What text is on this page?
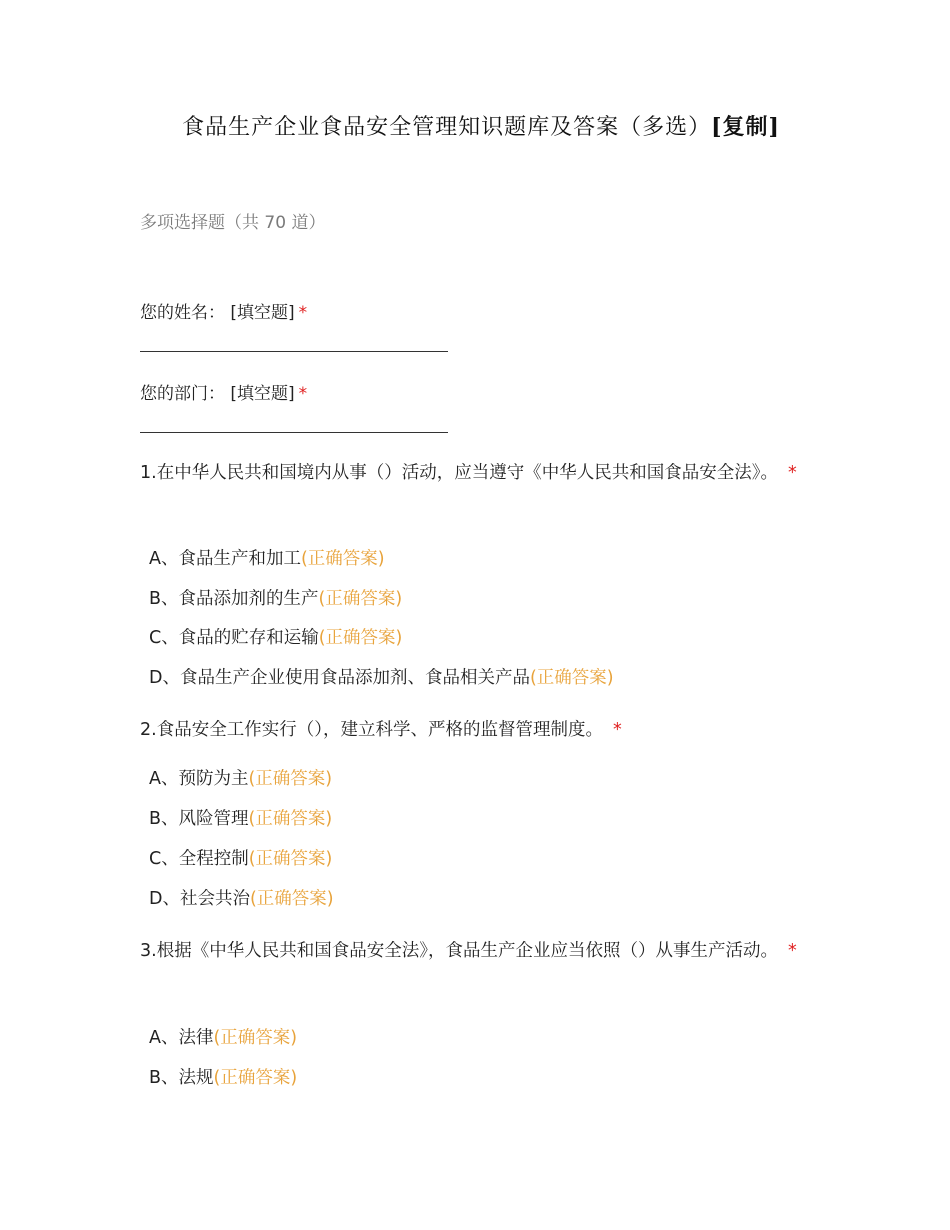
食品生产企业食品安全管理知识题库及答案（多选）[复制]
多项选择题（共 70 道）
您的姓名： [填空题] *
您的部门： [填空题] *
1.在中华人民共和国境内从事（）活动，应当遵守《中华人民共和国食品安全法》。 *
A、食品生产和加工(正确答案)
B、食品添加剂的生产(正确答案)
C、食品的贮存和运输(正确答案)
D、食品生产企业使用食品添加剂、食品相关产品(正确答案)
2.食品安全工作实行（），建立科学、严格的监督管理制度。 *
A、预防为主(正确答案)
B、风险管理(正确答案)
C、全程控制(正确答案)
D、社会共治(正确答案)
3.根据《中华人民共和国食品安全法》，食品生产企业应当依照（）从事生产活动。 *
A、法律(正确答案)
B、法规(正确答案)
